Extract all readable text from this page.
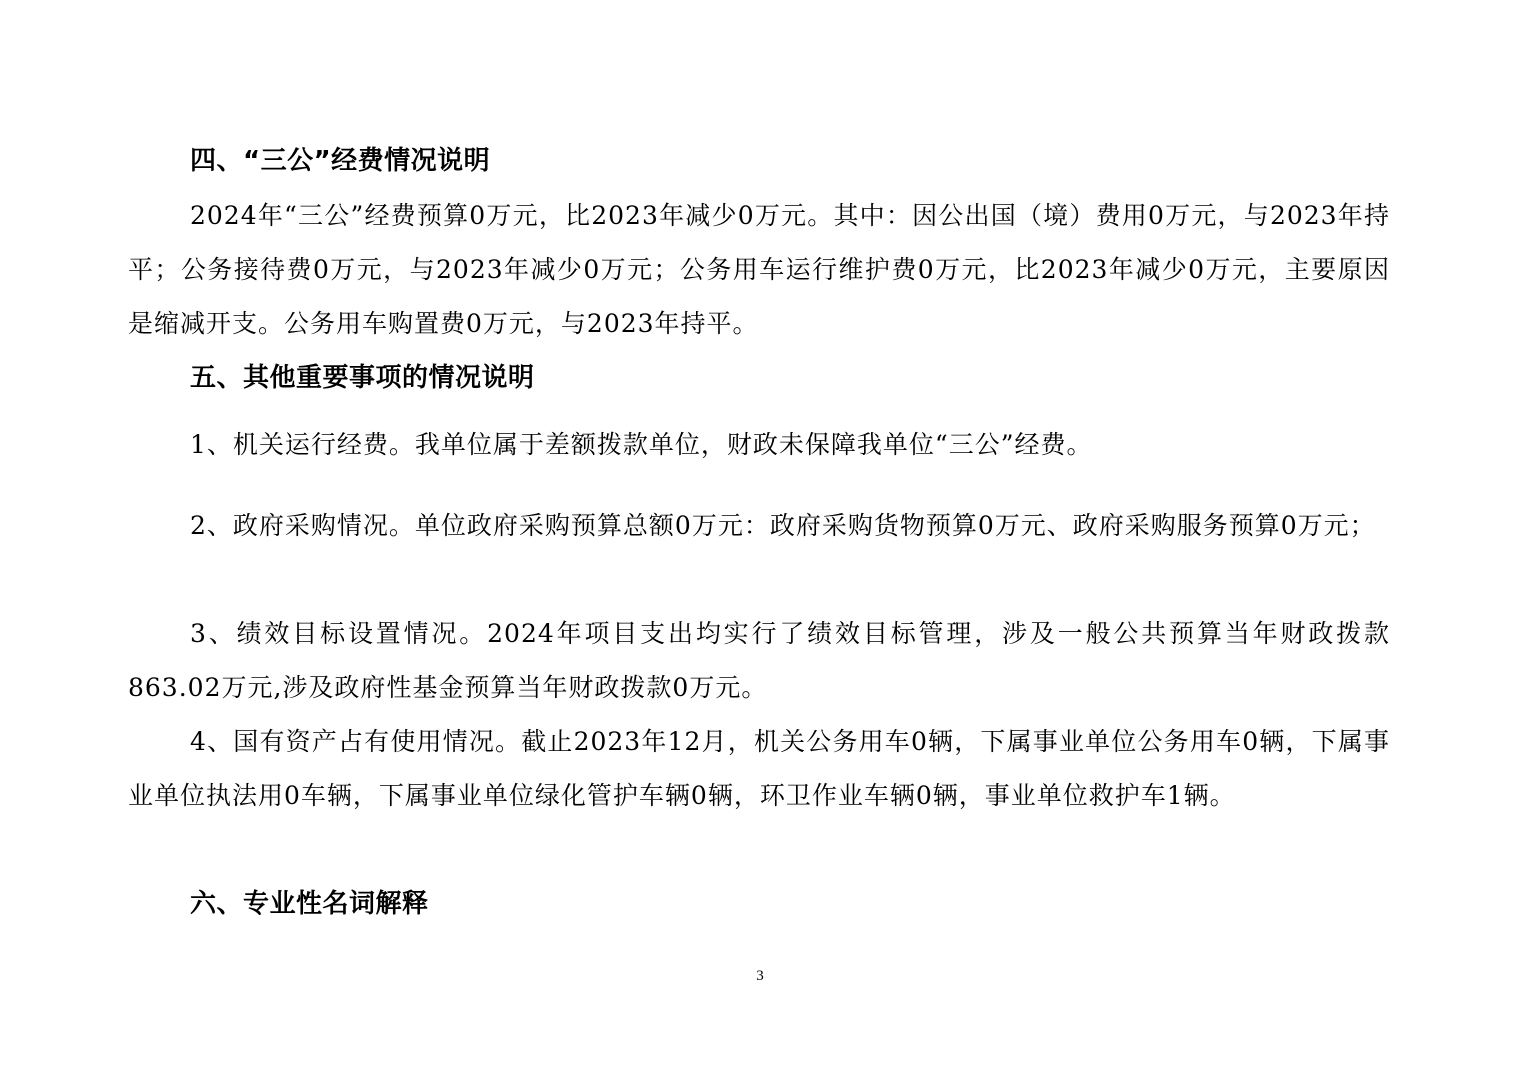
四、“三公”经费情况说明
2024年“三公”经费预算0万元，比2023年减少0万元。其中：因公出国（境）费用0万元，与2023年持平；公务接待费0万元，与2023年减少0万元；公务用车运行维护费0万元，比2023年减少0万元，主要原因是缩减开支。公务用车购置费0万元，与2023年持平。
五、其他重要事项的情况说明
1、机关运行经费。我单位属于差额拨款单位，财政未保障我单位“三公”经费。
2、政府采购情况。单位政府采购预算总额0万元：政府采购货物预算0万元、政府采购服务预算0万元；
3、绩效目标设置情况。2024年项目支出均实行了绩效目标管理，涉及一般公共预算当年财政拨款863.02万元,涉及政府性基金预算当年财政拨款0万元。
4、国有资产占有使用情况。截止2023年12月，机关公务用车0辆，下属事业单位公务用车0辆，下属事业单位执法用0车辆，下属事业单位绿化管护车辆0辆，环卫作业车辆0辆，事业单位救护车1辆。
六、专业性名词解释
3
